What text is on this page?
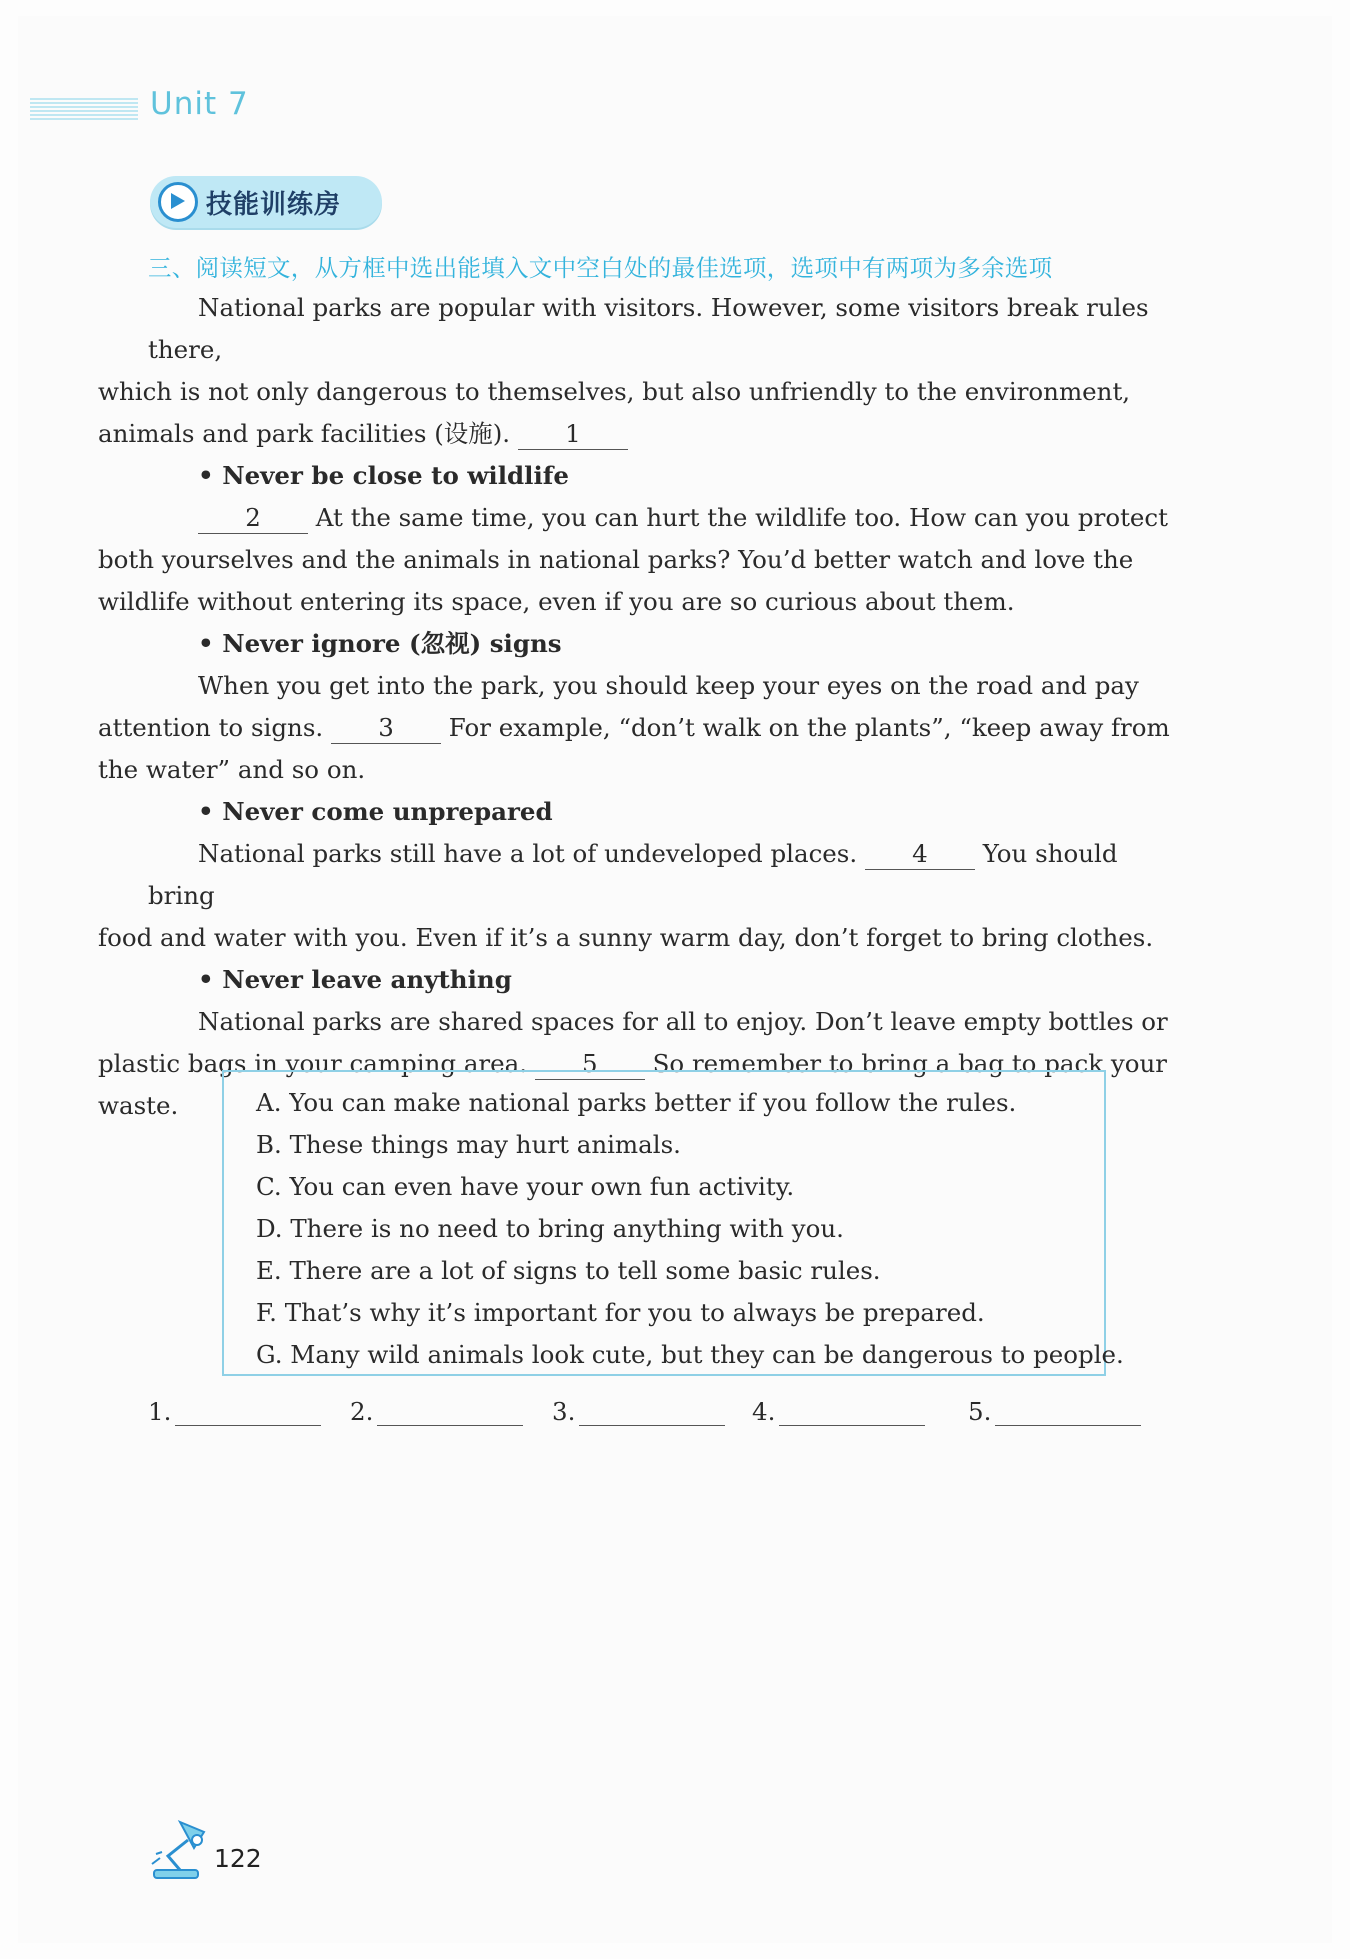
Unit 7
技能训练房
三、阅读短文，从方框中选出能填入文中空白处的最佳选项，选项中有两项为多余选项

National parks are popular with visitors. However, some visitors break rules there,
which is not only dangerous to themselves, but also unfriendly to the environment,
animals and park facilities (设施). 1

• Never be close to wildlife

2 At the same time, you can hurt the wildlife too. How can you protect
both yourselves and the animals in national parks? You’d better watch and love the
wildlife without entering its space, even if you are so curious about them.

• Never ignore (忽视) signs

When you get into the park, you should keep your eyes on the road and pay
attention to signs. 3 For example, “don’t walk on the plants”, “keep away from
the water” and so on.

• Never come unprepared

National parks still have a lot of undeveloped places. 4 You should bring
food and water with you. Even if it’s a sunny warm day, don’t forget to bring clothes.

• Never leave anything

National parks are shared spaces for all to enjoy. Don’t leave empty bottles or
plastic bags in your camping area. 5 So remember to bring a bag to pack your
waste.	A. You can make national parks better if you follow the rules.
B. These things may hurt animals.
C. You can even have your own fun activity.
D. There is no need to bring anything with you.
E. There are a lot of signs to tell some basic rules.
F. That’s why it’s important for you to always be prepared.
G. Many wild animals look cute, but they can be dangerous to people.
1.	2.	3.	4.	5.
122
